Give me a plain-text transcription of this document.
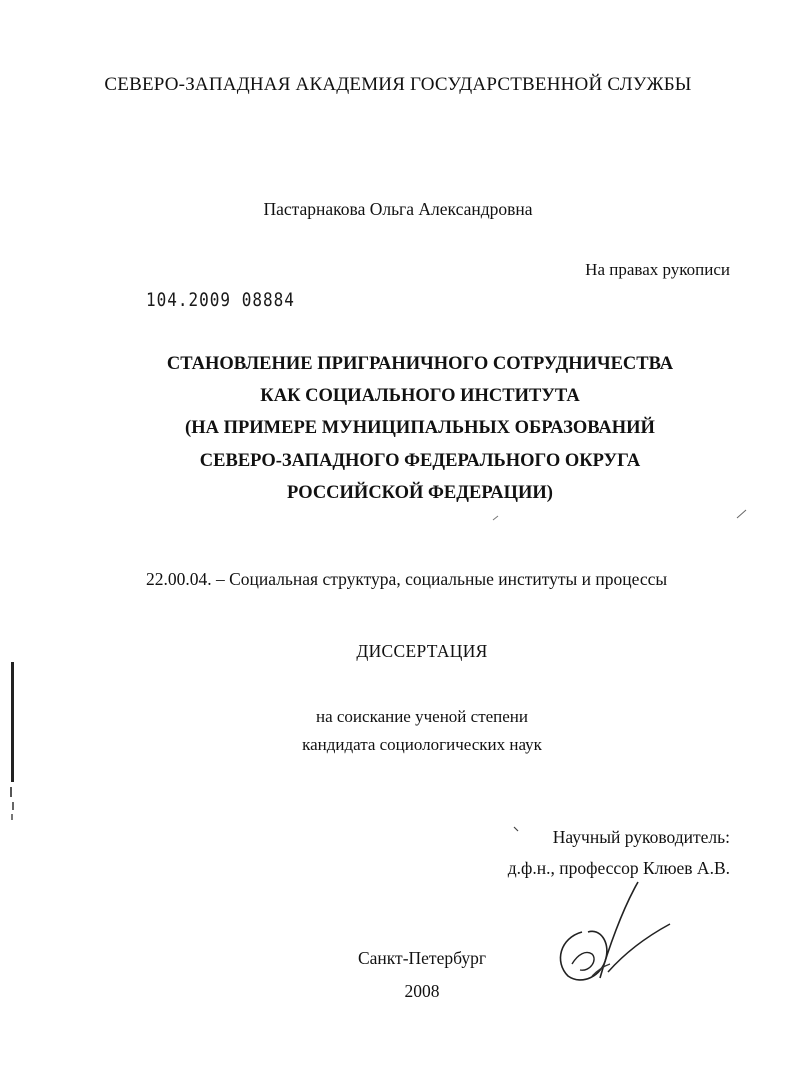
СЕВЕРО-ЗАПАДНАЯ АКАДЕМИЯ ГОСУДАРСТВЕННОЙ СЛУЖБЫ
Пастарнакова Ольга Александровна
На правах рукописи
104.2009 08884
СТАНОВЛЕНИЕ ПРИГРАНИЧНОГО СОТРУДНИЧЕСТВА
КАК СОЦИАЛЬНОГО ИНСТИТУТА
(НА ПРИМЕРЕ МУНИЦИПАЛЬНЫХ ОБРАЗОВАНИЙ
СЕВЕРО-ЗАПАДНОГО ФЕДЕРАЛЬНОГО ОКРУГА
РОССИЙСКОЙ ФЕДЕРАЦИИ)
22.00.04. – Социальная структура, социальные институты и процессы
ДИССЕРТАЦИЯ
на соискание ученой степени
кандидата социологических наук
Научный руководитель:
д.ф.н., профессор Клюев А.В.
Санкт-Петербург
2008
